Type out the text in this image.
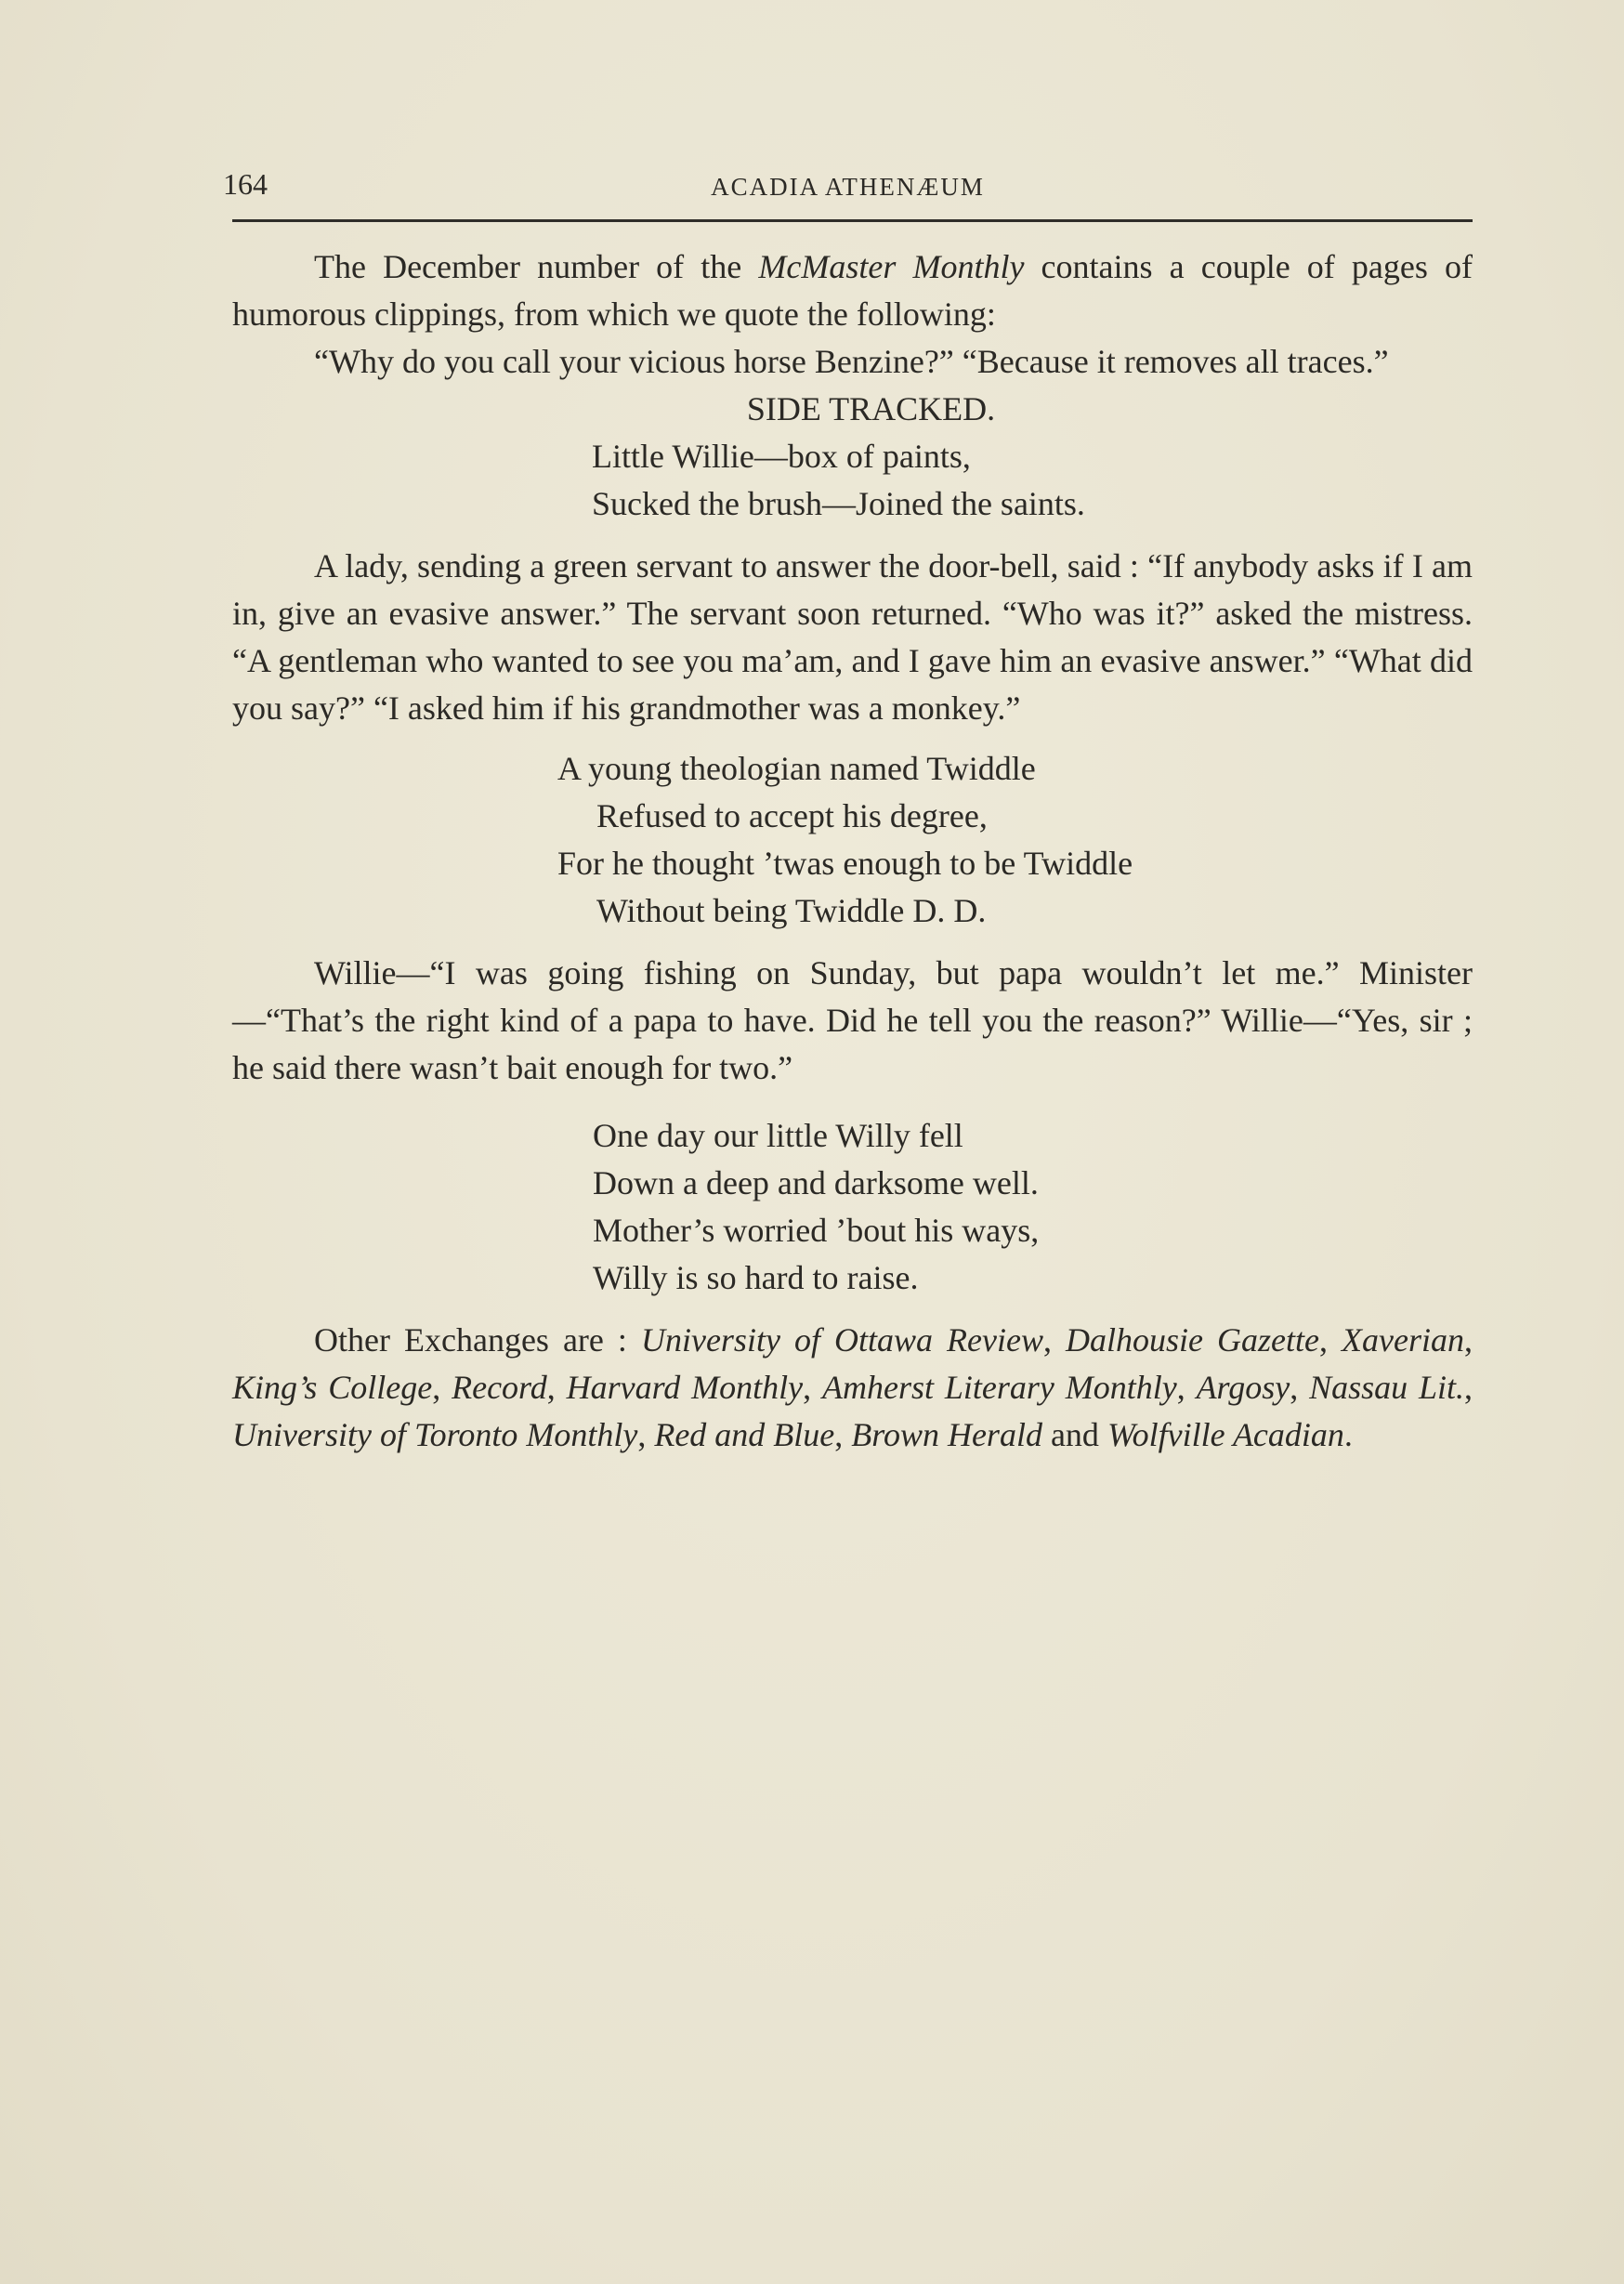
164	ACADIA ATHENÆUM

The December number of the McMaster Monthly contains a couple of pages of humorous clippings, from which we quote the following:

“Why do you call your vicious horse Benzine?” “Because it removes all traces.”

SIDE TRACKED.

Little Willie—box of paints,
Sucked the brush—Joined the saints.

A lady, sending a green servant to answer the door-bell, said : “If anybody asks if I am in, give an evasive answer.” The servant soon returned. “Who was it?” asked the mistress. “A gentleman who wanted to see you ma’am, and I gave him an evasive answer.” “What did you say?” “I asked him if his grandmother was a monkey.”

A young theologian named Twiddle
Refused to accept his degree,
For he thought ’twas enough to be Twiddle
Without being Twiddle D. D.

Willie—“I was going fishing on Sunday, but papa wouldn’t let me.” Minister—“That’s the right kind of a papa to have. Did he tell you the reason?” Willie—“Yes, sir ; he said there wasn’t bait enough for two.”

One day our little Willy fell
Down a deep and darksome well.
Mother’s worried ’bout his ways,
Willy is so hard to raise.

Other Exchanges are : University of Ottawa Review, Dalhousie Gazette, Xaverian, King’s College, Record, Harvard Monthly, Amherst Literary Monthly, Argosy, Nassau Lit., University of Toronto Monthly, Red and Blue, Brown Herald and Wolfville Acadian.
